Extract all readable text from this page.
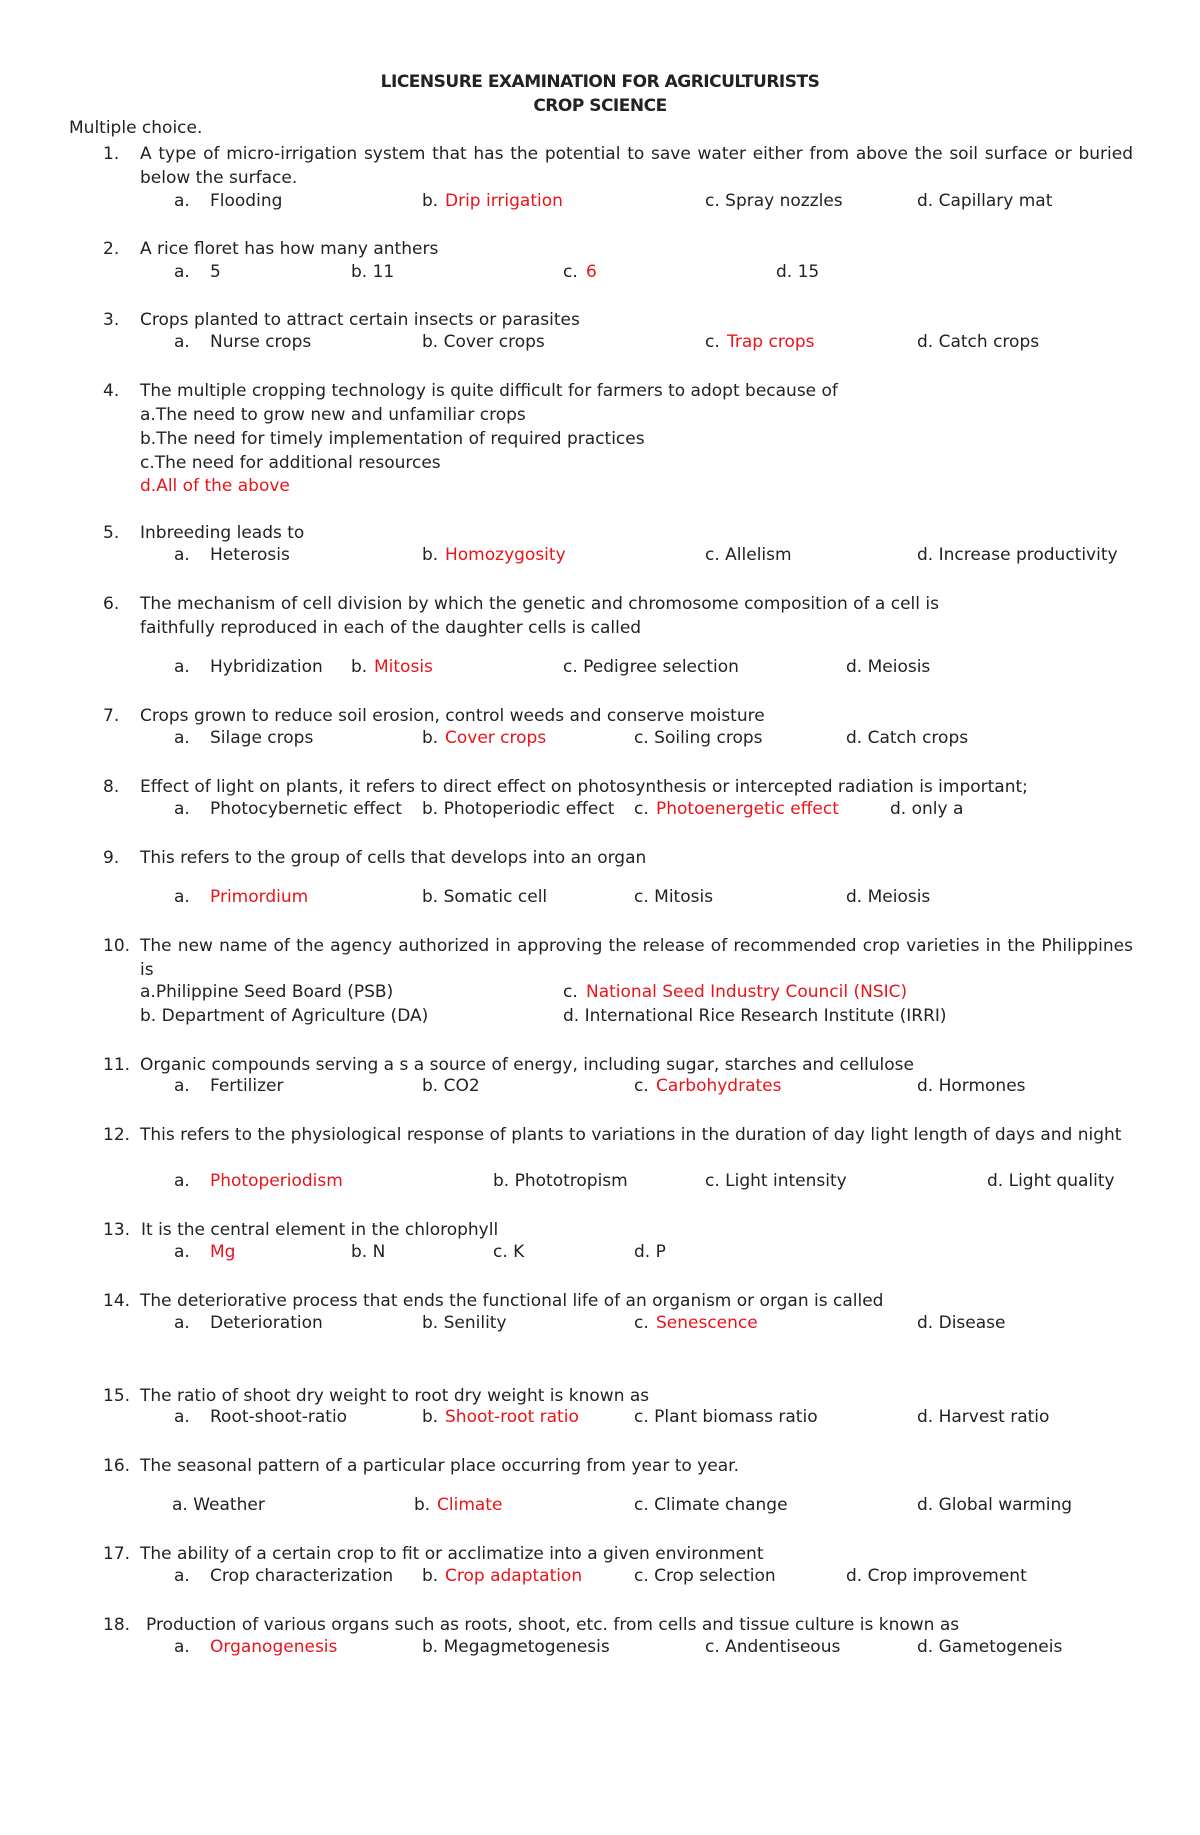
LICENSURE EXAMINATION FOR AGRICULTURISTS
CROP SCIENCE
Multiple choice.
1. A type of micro-irrigation system that has the potential to save water either from above the soil surface or buried below the surface.
a. Flooding	b. Drip irrigation	c. Spray nozzles	d. Capillary mat
2. A rice floret has how many anthers
a. 5	b. 11	c. 6	d. 15
3. Crops planted to attract certain insects or parasites
a. Nurse crops	b. Cover crops	c. Trap crops	d. Catch crops
4. The multiple cropping technology is quite difficult for farmers to adopt because of
a.The need to grow new and unfamiliar crops
b.The need for timely implementation of required practices
c.The need for additional resources
d.All of the above
5. Inbreeding leads to
a. Heterosis	b. Homozygosity	c. Allelism	d. Increase productivity
6. The mechanism of cell division by which the genetic and chromosome composition of a cell is faithfully reproduced in each of the daughter cells is called
a. Hybridization b. Mitosis	c. Pedigree selection	d. Meiosis
7. Crops grown to reduce soil erosion, control weeds and conserve moisture
a. Silage crops	b. Cover crops	c. Soiling crops	d. Catch crops
8. Effect of light on plants, it refers to direct effect on photosynthesis or intercepted radiation is important;
a. Photocybernetic effect b. Photoperiodic effect c. Photoenergetic effect	d. only a
9. This refers to the group of cells that develops into an organ
a. Primordium	b. Somatic cell	c. Mitosis	d. Meiosis
10. The new name of the agency authorized in approving the release of recommended crop varieties in the Philippines is
a.Philippine Seed Board (PSB)	c. National Seed Industry Council (NSIC)
b. Department of Agriculture (DA)	d. International Rice Research Institute (IRRI)
11. Organic compounds serving a s a source of energy, including sugar, starches and cellulose
a. Fertilizer	b. CO2	c. Carbohydrates	d. Hormones
12. This refers to the physiological response of plants to variations in the duration of day light length of days and night
a. Photoperiodism	b. Phototropism	c. Light intensity	d. Light quality
13. It is the central element in the chlorophyll
a. Mg	b. N	c. K	d. P
14. The deteriorative process that ends the functional life of an organism or organ is called
a. Deterioration	b. Senility	c. Senescence	d. Disease
15. The ratio of shoot dry weight to root dry weight is known as
a. Root-shoot-ratio	b. Shoot-root ratio	c. Plant biomass ratio	d. Harvest ratio
16. The seasonal pattern of a particular place occurring from year to year.
a. Weather	b. Climate	c. Climate change	d. Global warming
17. The ability of a certain crop to fit or acclimatize into a given environment
a. Crop characterization b. Crop adaptation	c. Crop selection	d. Crop improvement
18. Production of various organs such as roots, shoot, etc. from cells and tissue culture is known as
a. Organogenesis	b. Megagmetogenesis	c. Andentiseous	d. Gametogeneis
